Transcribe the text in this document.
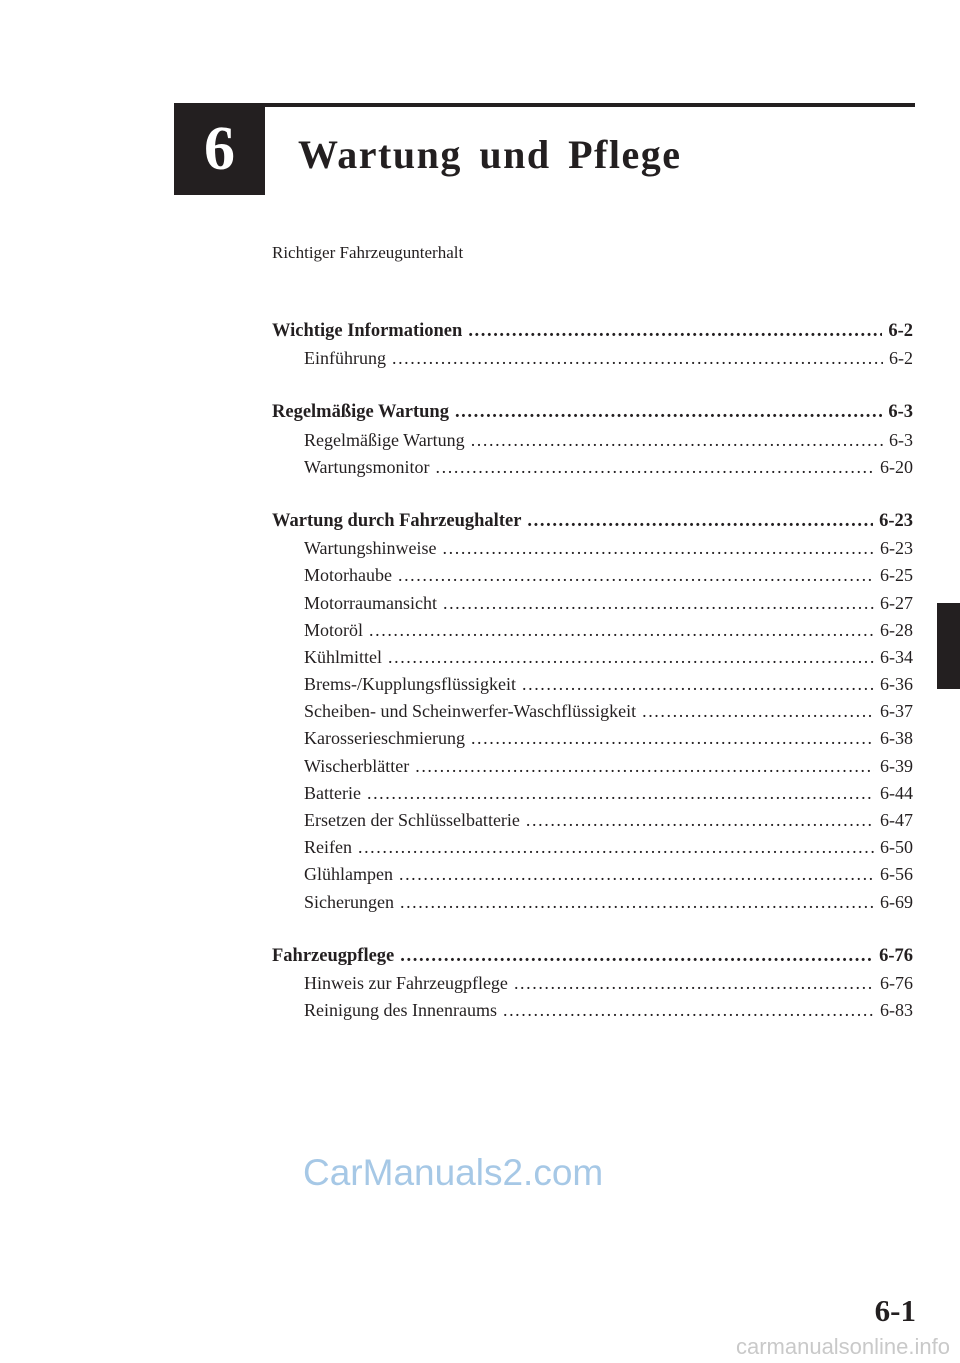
6	Wartung und Pflege
Richtiger Fahrzeugunterhalt
Wichtige Informationen .....	6-2
Einführung .....	6-2
Regelmäßige Wartung .....	6-3
Regelmäßige Wartung .....	6-3
Wartungsmonitor .....	6-20
Wartung durch Fahrzeughalter .....	6-23
Wartungshinweise .....	6-23
Motorhaube .....	6-25
Motorraumansicht .....	6-27
Motoröl .....	6-28
Kühlmittel .....	6-34
Brems-/Kupplungsflüssigkeit .....	6-36
Scheiben- und Scheinwerfer-Waschflüssigkeit .....	6-37
Karosserieschmierung .....	6-38
Wischerblätter .....	6-39
Batterie .....	6-44
Ersetzen der Schlüsselbatterie .....	6-47
Reifen .....	6-50
Glühlampen .....	6-56
Sicherungen .....	6-69
Fahrzeugpflege .....	6-76
Hinweis zur Fahrzeugpflege .....	6-76
Reinigung des Innenraums .....	6-83
CarManuals2.com
6-1
carmanualsonline.info
